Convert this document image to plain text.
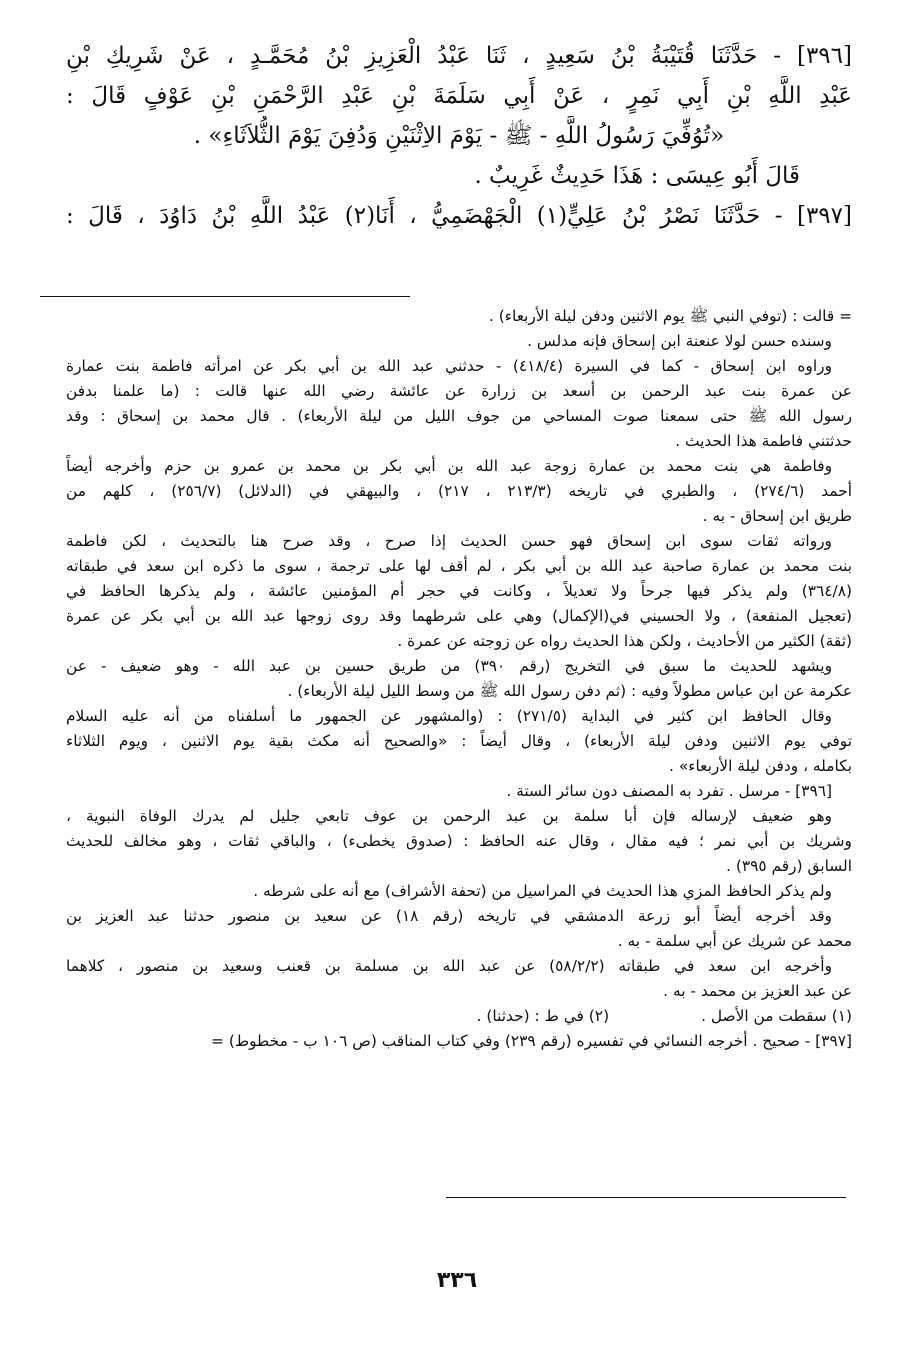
[٣٩٦] - حَدَّثَنَا قُتَيْبَةُ بْنُ سَعِيدٍ ، ثَنَا عَبْدُ الْعَزِيزِ بْنُ مُحَمَّـدٍ ، عَنْ شَرِيكِ بْنِ
عَبْدِ اللَّهِ بْنِ أَبِي نَمِرٍ ، عَنْ أَبِي سَلَمَةَ بْنِ عَبْدِ الرَّحْمَنِ بْنِ عَوْفٍ قَالَ :
«تُوُفِّيَ رَسُولُ اللَّهِ - ﷺ - يَوْمَ الاِثْنَيْنِ وَدُفِنَ يَوْمَ الثُّلاَثَاءِ» .
قَالَ أَبُو عِيسَى : هَذَا حَدِيثٌ غَرِيبٌ .
[٣٩٧] - حَدَّثَنَا نَصْرُ بْنُ عَلِيٍّ(١) الْجَهْضَمِيُّ ، أَنَا(٢) عَبْدُ اللَّهِ بْنُ دَاوُدَ ، قَالَ :
= قالت : (توفي النبي ﷺ يوم الاثنين ودفن ليلة الأربعاء) .
وسنده حسن لولا عنعنة ابن إسحاق فإنه مدلس .
وراوه ابن إسحاق - كما في السيرة (٤١٨/٤) - حدثني عبد الله بن أبي بكر عن امرأته فاطمة بنت عمارة
عن عمرة بنت عبد الرحمن بن أسعد بن زرارة عن عائشة رضي الله عنها قالت : (ما علمنا بدفن
رسول الله ﷺ حتى سمعنا صوت المساحي من جوف الليل من ليلة الأربعاء) . قال محمد بن إسحاق : وقد
حدثتني فاطمة هذا الحديث .
وفاطمة هي بنت محمد بن عمارة زوجة عبد الله بن أبي بكر بن محمد بن عمرو بن حزم وأخرجه أيضاً
أحمد (٢٧٤/٦) ، والطبري في تاريخه (٢١٣/٣ ، ٢١٧) ، والبيهقي في (الدلائل) (٢٥٦/٧) ، كلهم من
طريق ابن إسحاق - به .
ورواته ثقات سوى ابن إسحاق فهو حسن الحديث إذا صرح ، وقد صرح هنا بالتحديث ، لكن فاطمة
بنت محمد بن عمارة صاحبة عبد الله بن أبي بكر ، لم أقف لها على ترجمة ، سوى ما ذكره ابن سعد في طبقاته
(٣٦٤/٨) ولم يذكر فيها جرحاً ولا تعديلاً ، وكانت في حجر أم المؤمنين عائشة ، ولم يذكرها الحافظ في
(تعجيل المنفعة) ، ولا الحسيني في(الإكمال) وهي على شرطهما وقد روى زوجها عبد الله بن أبي بكر عن عمرة
(ثقة) الكثير من الأحاديث ، ولكن هذا الحديث رواه عن زوجته عن عمرة .
ويشهد للحديث ما سبق في التخريج (رقم ٣٩٠) من طريق حسين بن عبد الله - وهو ضعيف - عن
عكرمة عن ابن عباس مطولاً وفيه : (ثم دفن رسول الله ﷺ من وسط الليل ليلة الأربعاء) .
وقال الحافظ ابن كثير في البداية (٢٧١/٥) : (والمشهور عن الجمهور ما أسلفناه من أنه عليه السلام
توفي يوم الاثنين ودفن ليلة الأربعاء) ، وقال أيضاً : «والصحيح أنه مكث بقية يوم الاثنين ، ويوم الثلاثاء
بكامله ، ودفن ليلة الأربعاء» .
[٣٩٦] - مرسل . تفرد به المصنف دون سائر الستة .
وهو ضعيف لإرساله فإن أبا سلمة بن عبد الرحمن بن عوف تابعي جليل لم يدرك الوفاة النبوية ،
وشريك بن أبي نمر ؛ فيه مقال ، وقال عنه الحافظ : (صدوق يخطىء) ، والباقي ثقات ، وهو مخالف للحديث
السابق (رقم ٣٩٥) .
ولم يذكر الحافظ المزي هذا الحديث في المراسيل من (تحفة الأشراف) مع أنه على شرطه .
وقد أخرجه أيضاً أبو زرعة الدمشقي في تاريخه (رقم ١٨) عن سعيد بن منصور حدثنا عبد العزيز بن
محمد عن شريك عن أبي سلمة - به .
وأخرجه ابن سعد في طبقاته (٥٨/٢/٢) عن عبد الله بن مسلمة بن قعنب وسعيد بن منصور ، كلاهما
عن عبد العزيز بن محمد - به .
(١) سقطت من الأصل .
(٢) في ط : (حدثنا) .
[٣٩٧] - صحيح . أخرجه النسائي في تفسيره (رقم ٢٣٩) وفي كتاب المناقب (ص ١٠٦ ب - مخطوط) =
٣٣٦
